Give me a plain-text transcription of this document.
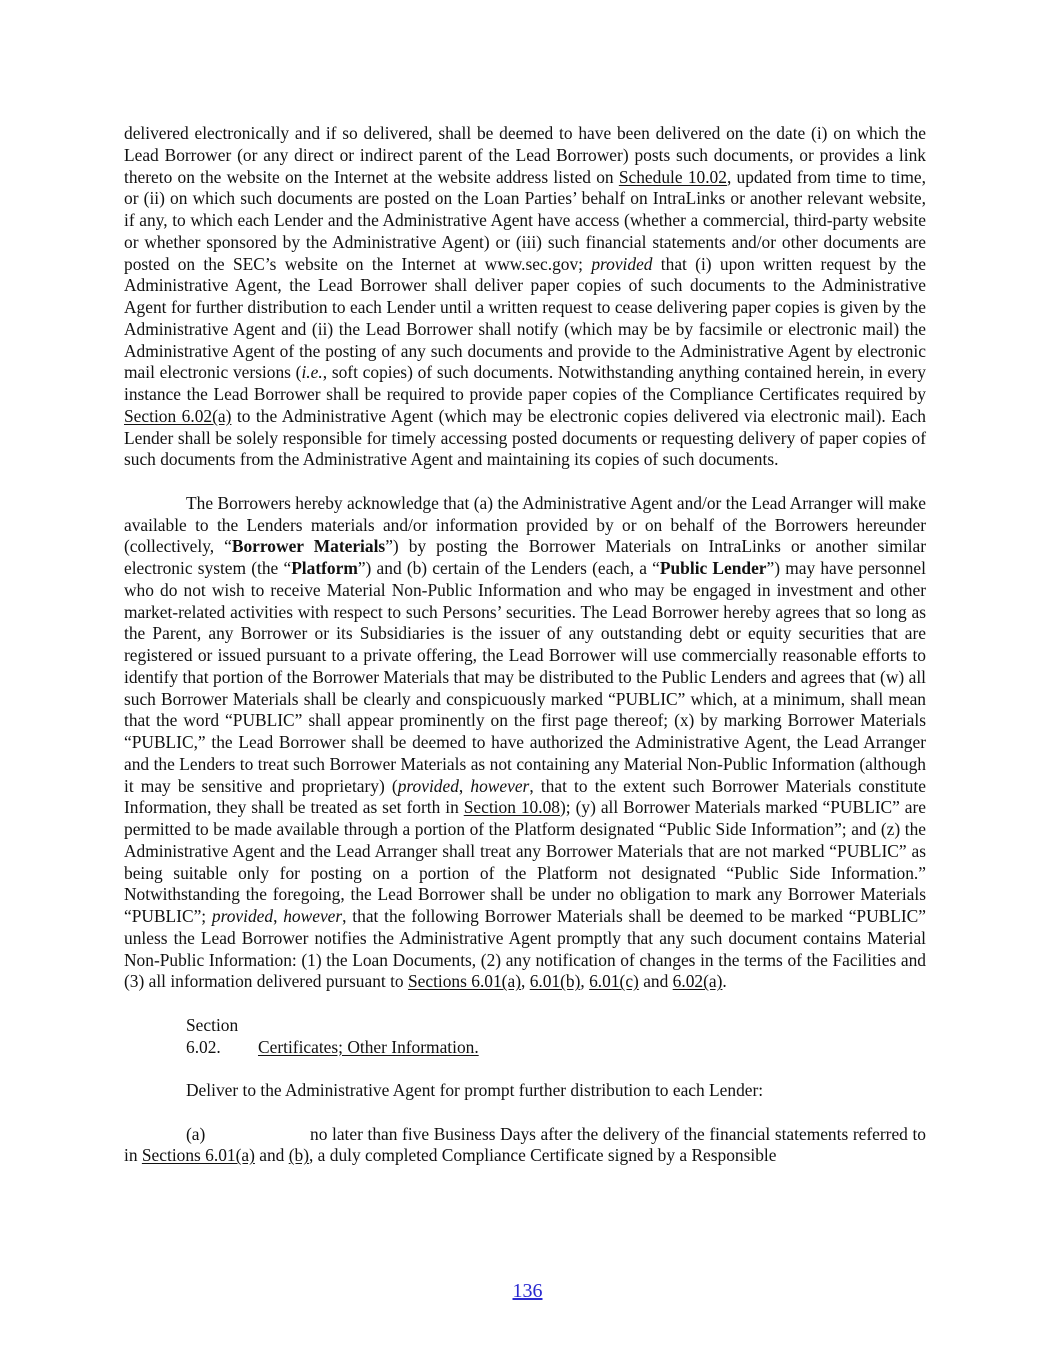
delivered electronically and if so delivered, shall be deemed to have been delivered on the date (i) on which the Lead Borrower (or any direct or indirect parent of the Lead Borrower) posts such documents, or provides a link thereto on the website on the Internet at the website address listed on Schedule 10.02, updated from time to time, or (ii) on which such documents are posted on the Loan Parties’ behalf on IntraLinks or another relevant website, if any, to which each Lender and the Administrative Agent have access (whether a commercial, third-party website or whether sponsored by the Administrative Agent) or (iii) such financial statements and/or other documents are posted on the SEC’s website on the Internet at www.sec.gov; provided that (i) upon written request by the Administrative Agent, the Lead Borrower shall deliver paper copies of such documents to the Administrative Agent for further distribution to each Lender until a written request to cease delivering paper copies is given by the Administrative Agent and (ii) the Lead Borrower shall notify (which may be by facsimile or electronic mail) the Administrative Agent of the posting of any such documents and provide to the Administrative Agent by electronic mail electronic versions (i.e., soft copies) of such documents. Notwithstanding anything contained herein, in every instance the Lead Borrower shall be required to provide paper copies of the Compliance Certificates required by Section 6.02(a) to the Administrative Agent (which may be electronic copies delivered via electronic mail). Each Lender shall be solely responsible for timely accessing posted documents or requesting delivery of paper copies of such documents from the Administrative Agent and maintaining its copies of such documents.

The Borrowers hereby acknowledge that (a) the Administrative Agent and/or the Lead Arranger will make available to the Lenders materials and/or information provided by or on behalf of the Borrowers hereunder (collectively, “Borrower Materials”) by posting the Borrower Materials on IntraLinks or another similar electronic system (the “Platform”) and (b) certain of the Lenders (each, a “Public Lender”) may have personnel who do not wish to receive Material Non-Public Information and who may be engaged in investment and other market-related activities with respect to such Persons’ securities. The Lead Borrower hereby agrees that so long as the Parent, any Borrower or its Subsidiaries is the issuer of any outstanding debt or equity securities that are registered or issued pursuant to a private offering, the Lead Borrower will use commercially reasonable efforts to identify that portion of the Borrower Materials that may be distributed to the Public Lenders and agrees that (w) all such Borrower Materials shall be clearly and conspicuously marked “PUBLIC” which, at a minimum, shall mean that the word “PUBLIC” shall appear prominently on the first page thereof; (x) by marking Borrower Materials “PUBLIC,” the Lead Borrower shall be deemed to have authorized the Administrative Agent, the Lead Arranger and the Lenders to treat such Borrower Materials as not containing any Material Non-Public Information (although it may be sensitive and proprietary) (provided, however, that to the extent such Borrower Materials constitute Information, they shall be treated as set forth in Section 10.08); (y) all Borrower Materials marked “PUBLIC” are permitted to be made available through a portion of the Platform designated “Public Side Information”; and (z) the Administrative Agent and the Lead Arranger shall treat any Borrower Materials that are not marked “PUBLIC” as being suitable only for posting on a portion of the Platform not designated “Public Side Information.” Notwithstanding the foregoing, the Lead Borrower shall be under no obligation to mark any Borrower Materials “PUBLIC”; provided, however, that the following Borrower Materials shall be deemed to be marked “PUBLIC” unless the Lead Borrower notifies the Administrative Agent promptly that any such document contains Material Non-Public Information: (1) the Loan Documents, (2) any notification of changes in the terms of the Facilities and (3) all information delivered pursuant to Sections 6.01(a), 6.01(b), 6.01(c) and 6.02(a).

Section 6.02. Certificates; Other Information.

Deliver to the Administrative Agent for prompt further distribution to each Lender:

(a)	no later than five Business Days after the delivery of the financial statements referred to in Sections 6.01(a) and (b), a duly completed Compliance Certificate signed by a Responsible

136
